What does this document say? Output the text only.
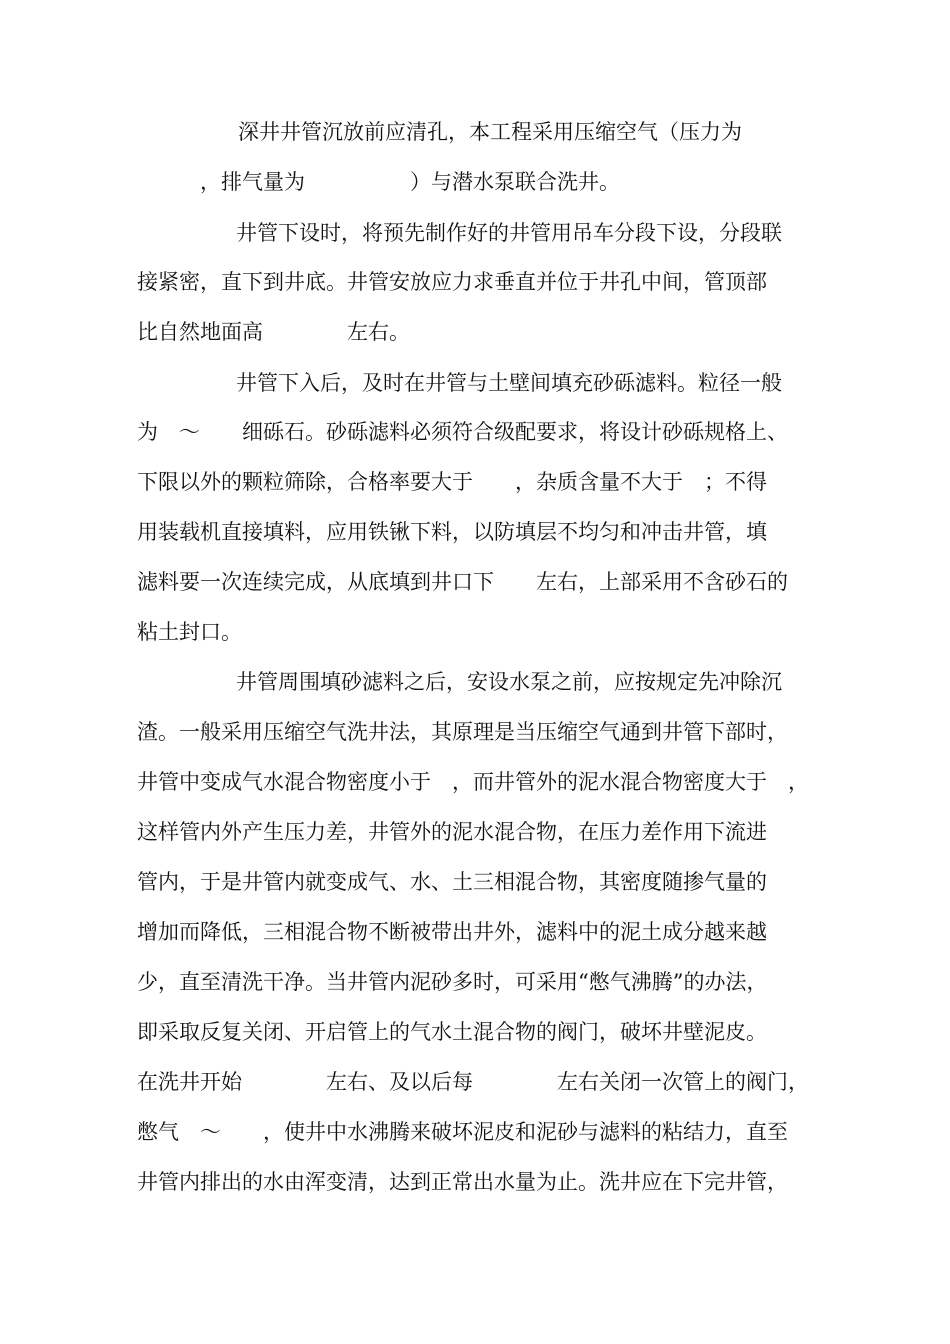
深井井管沉放前应清孔，本工程采用压缩空气（压力为
，排气量为　　　　　）与潜水泵联合洗井。
井管下设时，将预先制作好的井管用吊车分段下设，分段联
接紧密，直下到井底。井管安放应力求垂直并位于井孔中间，管顶部
比自然地面高　　　　左右。
井管下入后，及时在井管与土壁间填充砂砾滤料。粒径一般
为　～　　细砾石。砂砾滤料必须符合级配要求，将设计砂砾规格上、
下限以外的颗粒筛除，合格率要大于　　，杂质含量不大于　；不得
用装载机直接填料，应用铁锹下料，以防填层不均匀和冲击井管，填
滤料要一次连续完成，从底填到井口下　　左右，上部采用不含砂石的
粘土封口。
井管周围填砂滤料之后，安设水泵之前，应按规定先冲除沉
渣。一般采用压缩空气洗井法，其原理是当压缩空气通到井管下部时，
井管中变成气水混合物密度小于　，而井管外的泥水混合物密度大于　，
这样管内外产生压力差，井管外的泥水混合物，在压力差作用下流进
管内，于是井管内就变成气、水、土三相混合物，其密度随掺气量的
增加而降低，三相混合物不断被带出井外，滤料中的泥土成分越来越
少，直至清洗干净。当井管内泥砂多时，可采用“憋气沸腾”的办法，
即采取反复关闭、开启管上的气水土混合物的阀门，破坏井壁泥皮。
在洗井开始　　　　左右、及以后每　　　　左右关闭一次管上的阀门，
憋气　～　　，使井中水沸腾来破坏泥皮和泥砂与滤料的粘结力，直至
井管内排出的水由浑变清，达到正常出水量为止。洗井应在下完井管，
